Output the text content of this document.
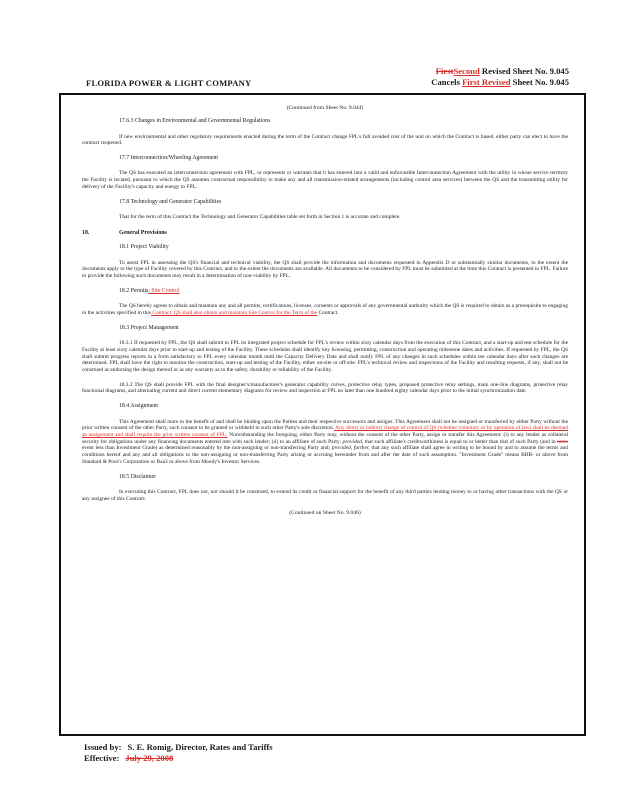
FirstSecond Revised Sheet No. 9.045
Cancels First Revised Sheet No. 9.045
FLORIDA POWER & LIGHT COMPANY
(Continued from Sheet No. 9.044)
17.6.3 Changes in Environmental and Governmental Regulations
If new environmental and other regulatory requirements enacted during the term of the Contract change FPL's full avoided cost of the unit on which the Contract is based, either party can elect to have the contract reopened.
17.7 Interconnection/Wheeling Agreement
The QS has executed an interconnection agreement with FPL, or represents or warrants that it has entered into a valid and enforceable Interconnection Agreement with the utility in whose service territory the Facility is located, pursuant to which the QS assumes contractual responsibility to make any and all transmission-related arrangements (including control area services) between the QS and the transmitting utility for delivery of the Facility's capacity and energy to FPL.
17.8 Technology and Generator Capabilities
That for the term of this Contract the Technology and Generator Capabilities table set forth in Section 1 is accurate and complete.
18.	General Provisions
18.1 Project Viability
To assist FPL in assessing the QS's financial and technical viability, the QS shall provide the information and documents requested in Appendix D or substantially similar documents, to the extent the documents apply to the type of Facility covered by this Contract, and to the extent the documents are available. All documents to be considered by FPL must be submitted at the time this Contract is presented to FPL. Failure to provide the following such documents may result in a determination of non-viability by FPL.
18.2 Permits; Site Control
The QS hereby agrees to obtain and maintain any and all permits, certifications, licenses, consents or approvals of any governmental authority which the QS is required to obtain as a prerequisite to engaging in the activities specified in this Contract. QS shall also obtain and maintain Site Control for the Term of the Contract.
18.3 Project Management
18.3.1 If requested by FPL, the QS shall submit to FPL its integrated project schedule for FPL's review within sixty calendar days from the execution of this Contract, and a start-up and test schedule for the Facility at least sixty calendar days prior to start-up and testing of the Facility. These schedules shall identify key licensing, permitting, construction and operating milestone dates and activities. If requested by FPL, the QS shall submit progress reports in a form satisfactory to FPL every calendar month until the Capacity Delivery Date and shall notify FPL of any changes in such schedules within ten calendar days after such changes are determined. FPL shall have the right to monitor the construction, start-up and testing of the Facility, either on-site or off-site. FPL's technical review and inspections of the Facility and resulting requests, if any, shall not be construed as endorsing the design thereof or as any warranty as to the safety, durability or reliability of the Facility.
18.3.2 The QS shall provide FPL with the final designer's/manufacturer's generator capability curves, protective relay types, proposed protective relay settings, main one-line diagrams, protective relay functional diagrams, and alternating current and direct current elementary diagrams for review and inspection at FPL no later than one hundred eighty calendar days prior to the initial synchronization date.
18.4 Assignment
This Agreement shall inure to the benefit of and shall be binding upon the Parties and their respective successors and assigns. This Agreement shall not be assigned or transferred by either Party without the prior written consent of the other Party, such consent to be granted or withheld in such other Party's sole discretion. Any direct or indirect change of control of QS (whether voluntary or by operation of law) shall be deemed an assignment and shall require the prior written consent of FPL. Notwithstanding the foregoing, either Party may, without the consent of the other Party, assign or transfer this Agreement: (i) to any lender as collateral security for obligations under any financing documents entered into with such lender; (ii) to an affiliate of such Party; provided, that such affiliate's creditworthiness is equal to or better than that of such Party (and in nono event less than Investment Grade) as determined reasonably by the non-assigning or non-transferring Party and; provided, further, that any such affiliate shall agree in writing to be bound by and to assume the terms and conditions hereof and any and all obligations to the non-assigning or non-transferring Party arising or accruing hereunder from and after the date of such assumption. "Investment Grade" means BBB- or above from Standard & Poor's Corporation or Baa3 or above from Moody's Investor Services.
18.5 Disclaimer
In executing this Contract, FPL does not, nor should it be construed, to extend its credit or financial support for the benefit of any third parties lending money to or having other transactions with the QS or any assignee of this Contract.
(Continued on Sheet No. 9.046)
Issued by: S. E. Romig, Director, Rates and Tariffs
Effective: July 29, 2008
